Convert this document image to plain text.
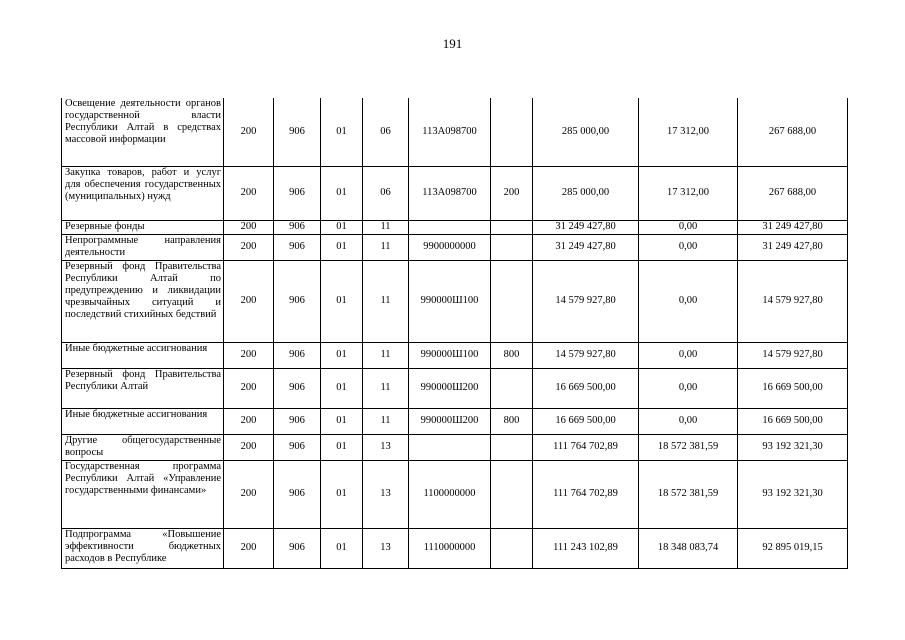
191
Освещение деятельности органов государственной власти Республики Алтай в средствах массовой информации	200	906	01	06	113А098700		285 000,00	17 312,00	267 688,00
Закупка товаров, работ и услуг для обеспечения государственных (муниципальных) нужд	200	906	01	06	113А098700	200	285 000,00	17 312,00	267 688,00
Резервные фонды	200	906	01	11			31 249 427,80	0,00	31 249 427,80
Непрограммные направления деятельности	200	906	01	11	9900000000		31 249 427,80	0,00	31 249 427,80
Резервный фонд Правительства Республики Алтай по предупреждению и ликвидации чрезвычайных ситуаций и последствий стихийных бедствий	200	906	01	11	990000Ш100		14 579 927,80	0,00	14 579 927,80
Иные бюджетные ассигнования	200	906	01	11	990000Ш100	800	14 579 927,80	0,00	14 579 927,80
Резервный фонд Правительства Республики Алтай	200	906	01	11	990000Ш200		16 669 500,00	0,00	16 669 500,00
Иные бюджетные ассигнования	200	906	01	11	990000Ш200	800	16 669 500,00	0,00	16 669 500,00
Другие общегосударственные вопросы	200	906	01	13			111 764 702,89	18 572 381,59	93 192 321,30
Государственная программа Республики Алтай «Управление государственными финансами»	200	906	01	13	1100000000		111 764 702,89	18 572 381,59	93 192 321,30
Подпрограмма «Повышение эффективности бюджетных расходов в Республике	200	906	01	13	1110000000		111 243 102,89	18 348 083,74	92 895 019,15
